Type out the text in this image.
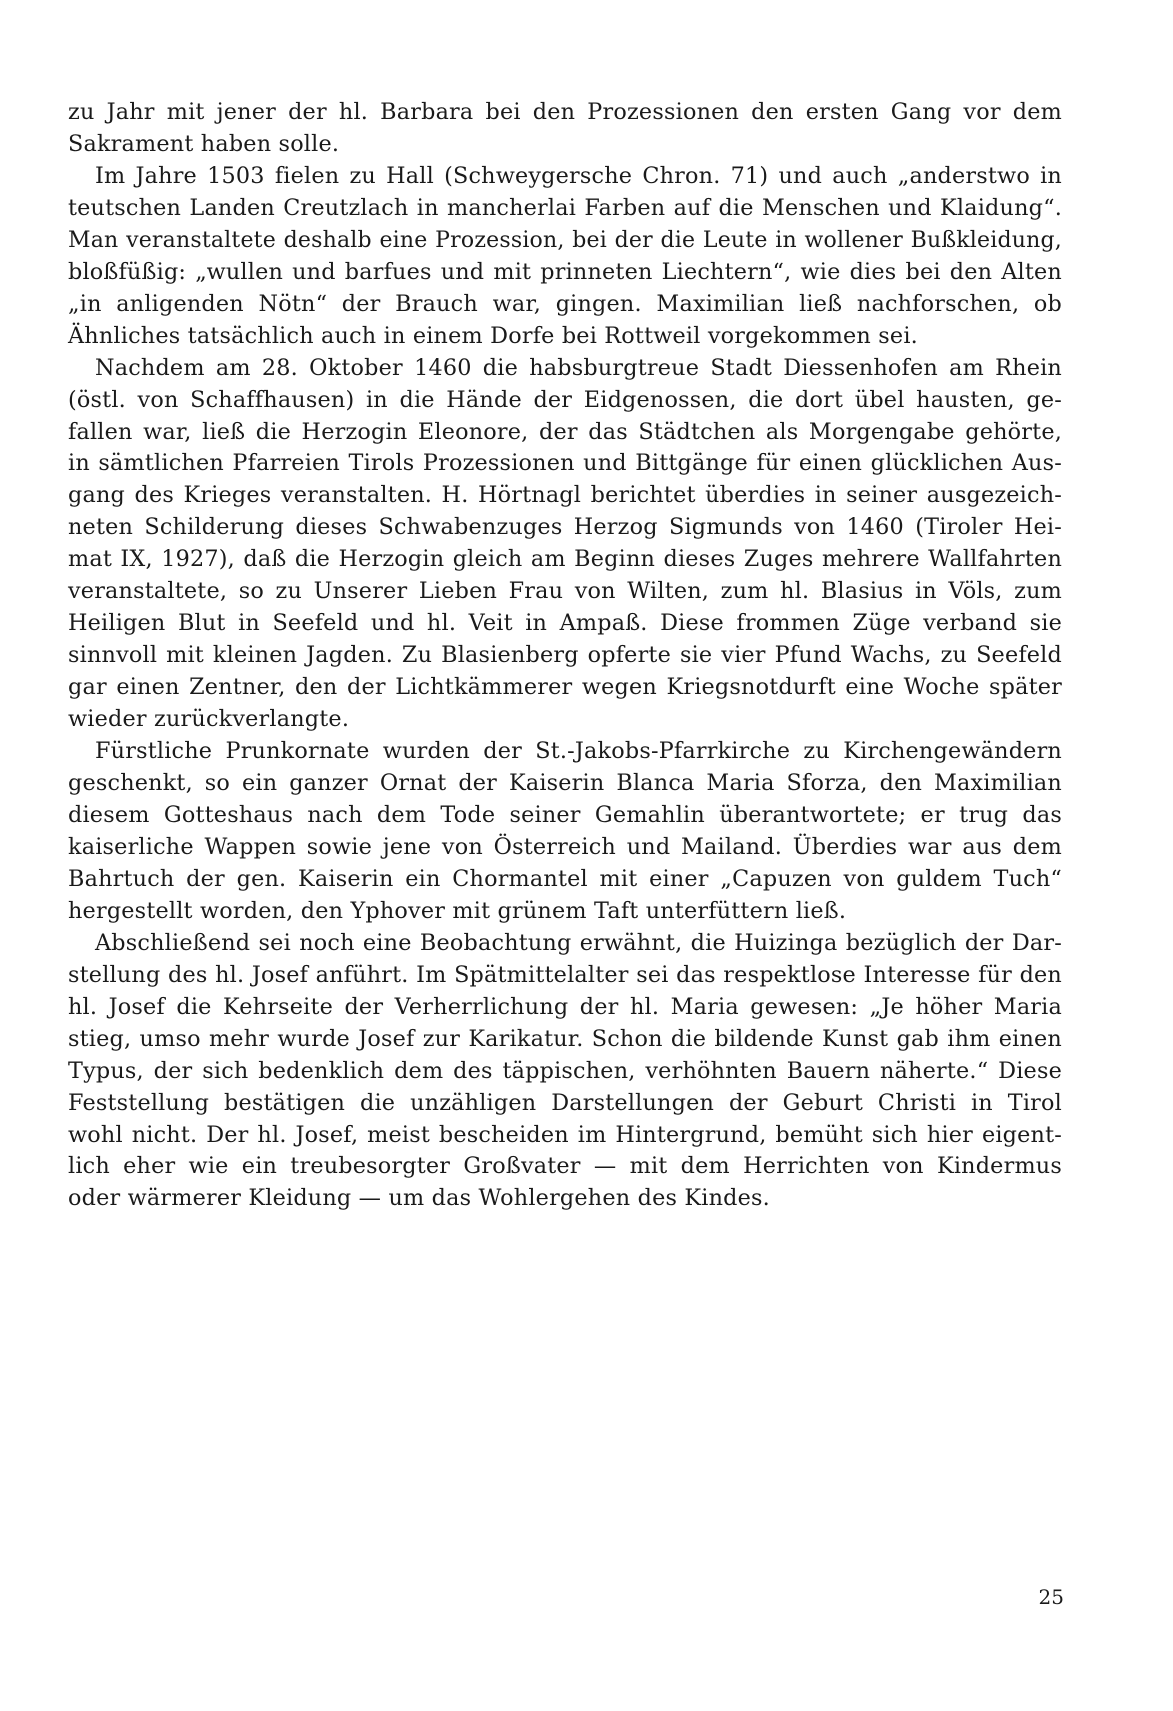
zu Jahr mit jener der hl. Barbara bei den Prozessionen den ersten Gang vor dem
Sakrament haben solle.
Im Jahre 1503 fielen zu Hall (Schweygersche Chron. 71) und auch „anderstwo in
teutschen Landen Creutzlach in mancherlai Farben auf die Menschen und Klaidung“.
Man veranstaltete deshalb eine Prozession, bei der die Leute in wollener Bußkleidung,
bloßfüßig: „wullen und barfues und mit prinneten Liechtern“, wie dies bei den Alten
„in anligenden Nötn“ der Brauch war, gingen. Maximilian ließ nachforschen, ob
Ähnliches tatsächlich auch in einem Dorfe bei Rottweil vorgekommen sei.
Nachdem am 28. Oktober 1460 die habsburgtreue Stadt Diessenhofen am Rhein
(östl. von Schaffhausen) in die Hände der Eidgenossen, die dort übel hausten, ge-
fallen war, ließ die Herzogin Eleonore, der das Städtchen als Morgengabe gehörte,
in sämtlichen Pfarreien Tirols Prozessionen und Bittgänge für einen glücklichen Aus-
gang des Krieges veranstalten. H. Hörtnagl berichtet überdies in seiner ausgezeich-
neten Schilderung dieses Schwabenzuges Herzog Sigmunds von 1460 (Tiroler Hei-
mat IX, 1927), daß die Herzogin gleich am Beginn dieses Zuges mehrere Wallfahrten
veranstaltete, so zu Unserer Lieben Frau von Wilten, zum hl. Blasius in Völs, zum
Heiligen Blut in Seefeld und hl. Veit in Ampaß. Diese frommen Züge verband sie
sinnvoll mit kleinen Jagden. Zu Blasienberg opferte sie vier Pfund Wachs, zu Seefeld
gar einen Zentner, den der Lichtkämmerer wegen Kriegsnotdurft eine Woche später
wieder zurückverlangte.
Fürstliche Prunkornate wurden der St.-Jakobs-Pfarrkirche zu Kirchengewändern
geschenkt, so ein ganzer Ornat der Kaiserin Blanca Maria Sforza, den Maximilian
diesem Gotteshaus nach dem Tode seiner Gemahlin überantwortete; er trug das
kaiserliche Wappen sowie jene von Österreich und Mailand. Überdies war aus dem
Bahrtuch der gen. Kaiserin ein Chormantel mit einer „Capuzen von guldem Tuch“
hergestellt worden, den Yphover mit grünem Taft unterfüttern ließ.
Abschließend sei noch eine Beobachtung erwähnt, die Huizinga bezüglich der Dar-
stellung des hl. Josef anführt. Im Spätmittelalter sei das respektlose Interesse für den
hl. Josef die Kehrseite der Verherrlichung der hl. Maria gewesen: „Je höher Maria
stieg, umso mehr wurde Josef zur Karikatur. Schon die bildende Kunst gab ihm einen
Typus, der sich bedenklich dem des täppischen, verhöhnten Bauern näherte.“ Diese
Feststellung bestätigen die unzähligen Darstellungen der Geburt Christi in Tirol
wohl nicht. Der hl. Josef, meist bescheiden im Hintergrund, bemüht sich hier eigent-
lich eher wie ein treubesorgter Großvater — mit dem Herrichten von Kindermus
oder wärmerer Kleidung — um das Wohlergehen des Kindes.
25
